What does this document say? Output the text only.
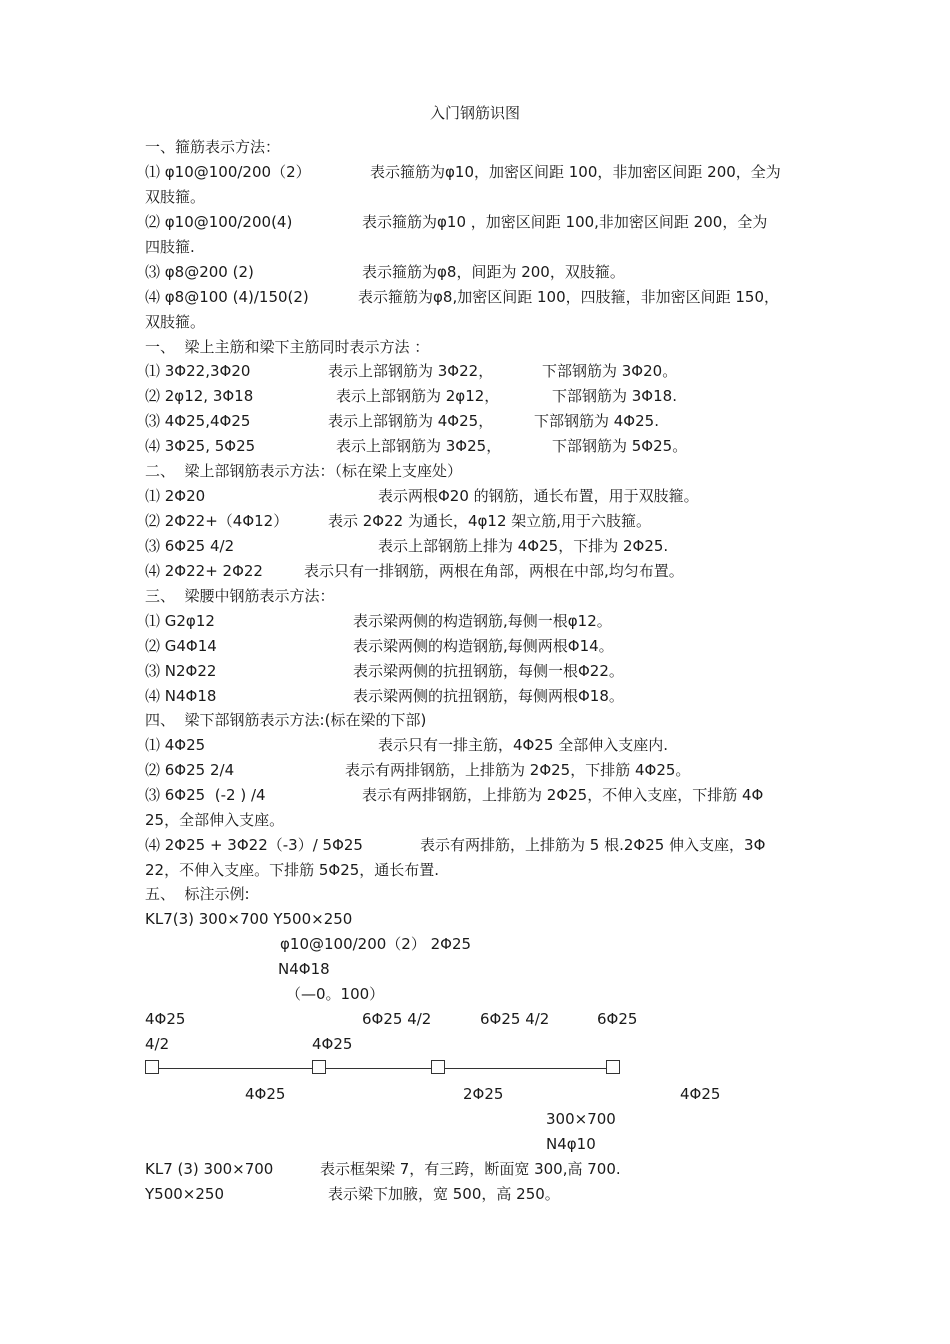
入门钢筋识图
一、箍筋表示方法：
⑴ φ10@100/200（2）	表示箍筋为φ10，加密区间距 100，非加密区间距 200，全为
双肢箍。
⑵ φ10@100/200(4)	表示箍筋为φ10 ，加密区间距 100,非加密区间距 200，全为
四肢箍.
⑶ φ8@200 (2)	表示箍筋为φ8，间距为 200，双肢箍。
⑷ φ8@100 (4)/150(2)	表示箍筋为φ8,加密区间距 100，四肢箍，非加密区间距 150，
双肢箍。
一、  梁上主筋和梁下主筋同时表示方法 ：
⑴ 3Φ22,3Φ20	表示上部钢筋为 3Φ22，	下部钢筋为 3Φ20。
⑵ 2φ12, 3Φ18	表示上部钢筋为 2φ12，	下部钢筋为 3Φ18.
⑶ 4Φ25,4Φ25	表示上部钢筋为 4Φ25，	下部钢筋为 4Φ25.
⑷ 3Φ25, 5Φ25	表示上部钢筋为 3Φ25，	下部钢筋为 5Φ25。
二、  梁上部钢筋表示方法：（标在梁上支座处）
⑴ 2Φ20	表示两根Φ20 的钢筋，通长布置，用于双肢箍。
⑵ 2Φ22+（4Φ12）	表示 2Φ22 为通长，4φ12 架立筋,用于六肢箍。
⑶ 6Φ25 4/2	表示上部钢筋上排为 4Φ25，下排为 2Φ25.
⑷ 2Φ22+ 2Φ22	表示只有一排钢筋，两根在角部，两根在中部,均匀布置。
三、  梁腰中钢筋表示方法：
⑴ G2φ12	表示梁两侧的构造钢筋,每侧一根φ12。
⑵ G4Φ14	表示梁两侧的构造钢筋,每侧两根Φ14。
⑶ N2Φ22	表示梁两侧的抗扭钢筋，每侧一根Φ22。
⑷ N4Φ18	表示梁两侧的抗扭钢筋，每侧两根Φ18。
四、  梁下部钢筋表示方法:(标在梁的下部)
⑴ 4Φ25	表示只有一排主筋，4Φ25 全部伸入支座内.
⑵ 6Φ25 2/4	表示有两排钢筋，上排筋为 2Φ25，下排筋 4Φ25。
⑶ 6Φ25  (-2 ) /4	表示有两排钢筋，上排筋为 2Φ25，不伸入支座，下排筋 4Φ
25，全部伸入支座。
⑷ 2Φ25 + 3Φ22（-3）/ 5Φ25	表示有两排筋，上排筋为 5 根.2Φ25 伸入支座，3Φ
22，不伸入支座。下排筋 5Φ25，通长布置.
五、  标注示例:
KL7(3) 300×700 Y500×250
φ10@100/200（2） 2Φ25
N4Φ18
（—0。100）
4Φ25	6Φ25 4/2	6Φ25 4/2	6Φ25
4/2	4Φ25
4Φ25	2Φ25	4Φ25
300×700
N4φ10
KL7 (3) 300×700	表示框架梁 7，有三跨，断面宽 300,高 700.
Y500×250	表示梁下加腋，宽 500，高 250。
